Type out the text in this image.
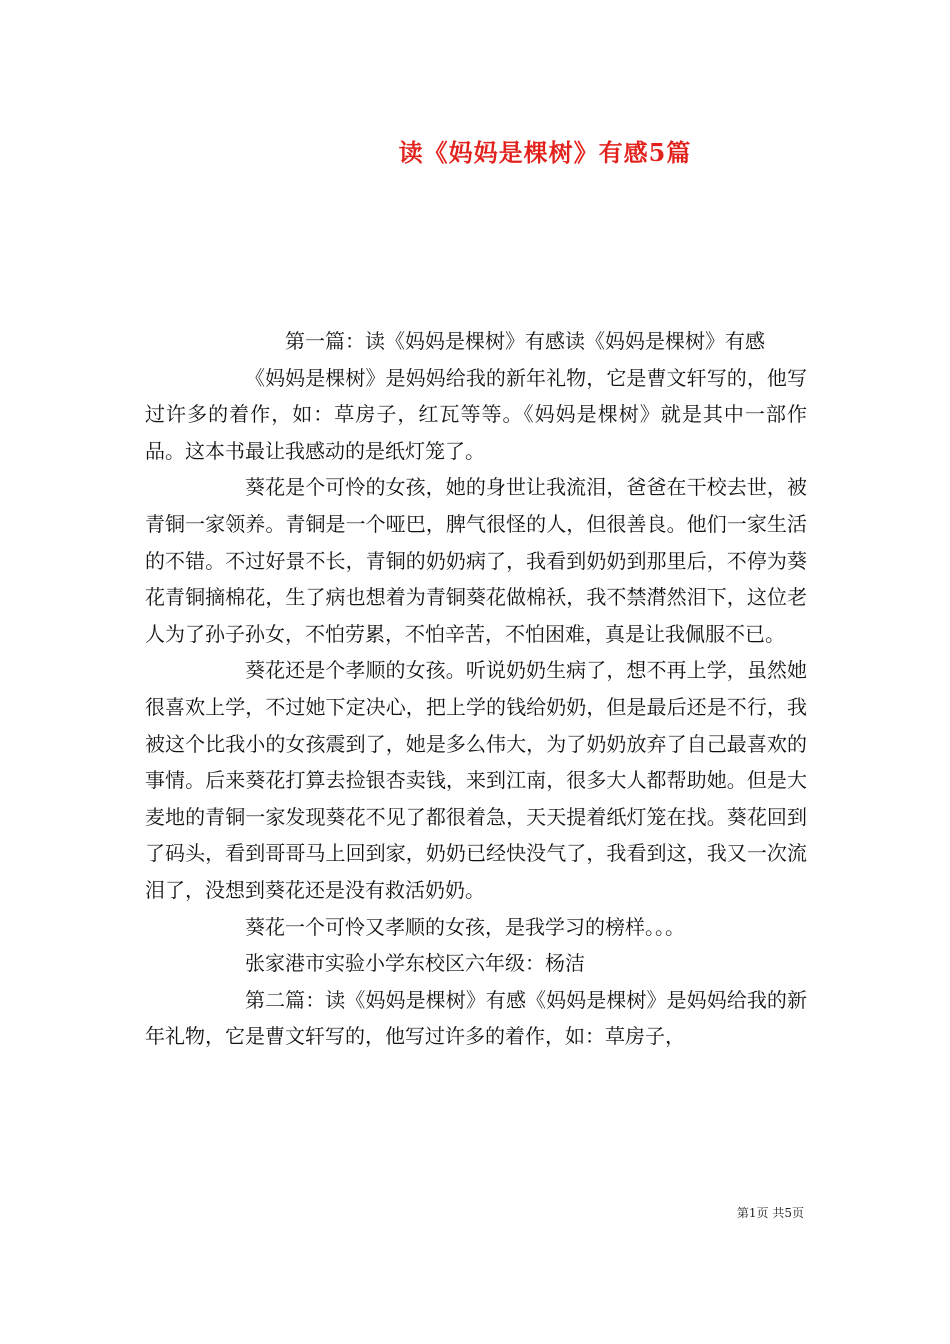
读《妈妈是棵树》有感5篇

第一篇：读《妈妈是棵树》有感读《妈妈是棵树》有感

《妈妈是棵树》是妈妈给我的新年礼物，它是曹文轩写的，他写过许多的着作，如：草房子，红瓦等等。《妈妈是棵树》就是其中一部作品。这本书最让我感动的是纸灯笼了。

葵花是个可怜的女孩，她的身世让我流泪，爸爸在干校去世，被青铜一家领养。青铜是一个哑巴，脾气很怪的人，但很善良。他们一家生活的不错。不过好景不长，青铜的奶奶病了，我看到奶奶到那里后，不停为葵花青铜摘棉花，生了病也想着为青铜葵花做棉袄，我不禁潸然泪下，这位老人为了孙子孙女，不怕劳累，不怕辛苦，不怕困难，真是让我佩服不已。

葵花还是个孝顺的女孩。听说奶奶生病了，想不再上学，虽然她很喜欢上学，不过她下定决心，把上学的钱给奶奶，但是最后还是不行，我被这个比我小的女孩震到了，她是多么伟大，为了奶奶放弃了自己最喜欢的事情。后来葵花打算去捡银杏卖钱，来到江南，很多大人都帮助她。但是大麦地的青铜一家发现葵花不见了都很着急，天天提着纸灯笼在找。葵花回到了码头，看到哥哥马上回到家，奶奶已经快没气了，我看到这，我又一次流泪了，没想到葵花还是没有救活奶奶。

葵花一个可怜又孝顺的女孩，是我学习的榜样。。。

张家港市实验小学东校区六年级：杨洁

第二篇：读《妈妈是棵树》有感《妈妈是棵树》是妈妈给我的新年礼物，它是曹文轩写的，他写过许多的着作，如：草房子，

第1页 共5页
